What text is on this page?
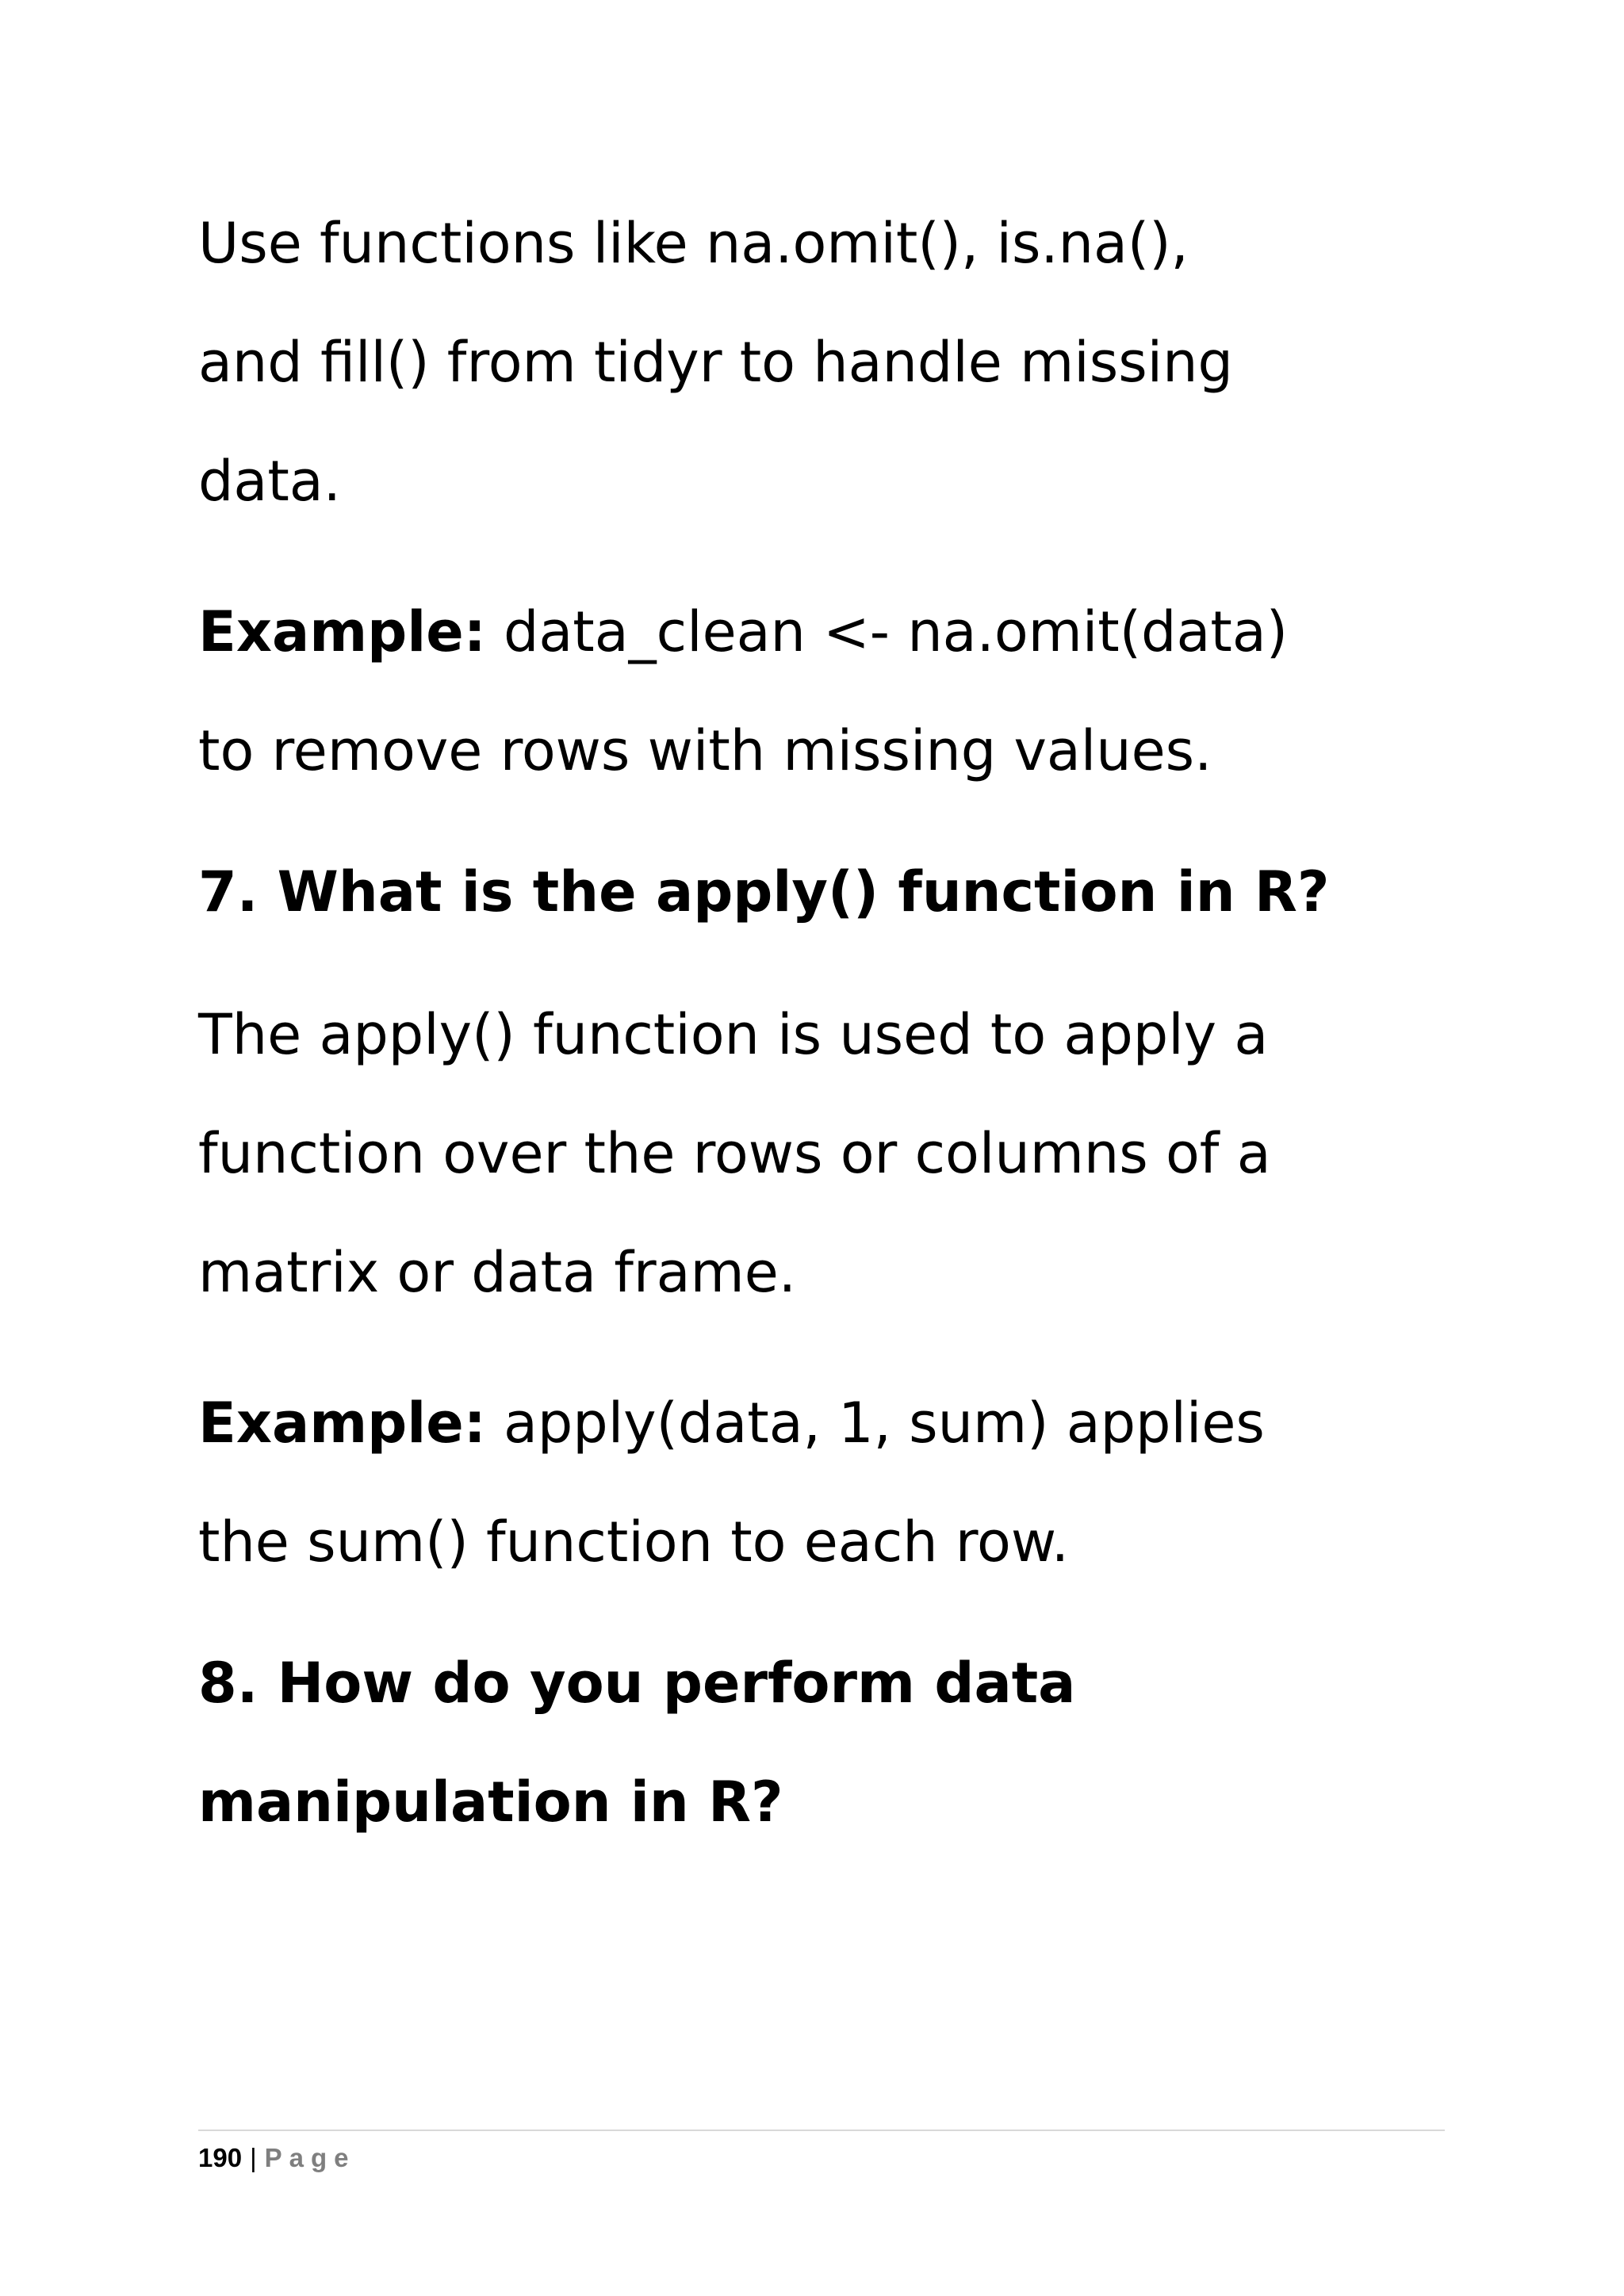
Use functions like na.omit(), is.na(),
and fill() from tidyr to handle missing
data.
Example: data_clean <- na.omit(data)
to remove rows with missing values.
7. What is the apply() function in R?
The apply() function is used to apply a
function over the rows or columns of a
matrix or data frame.
Example: apply(data, 1, sum) applies
the sum() function to each row.
8. How do you perform data
manipulation in R?
190 | Page
